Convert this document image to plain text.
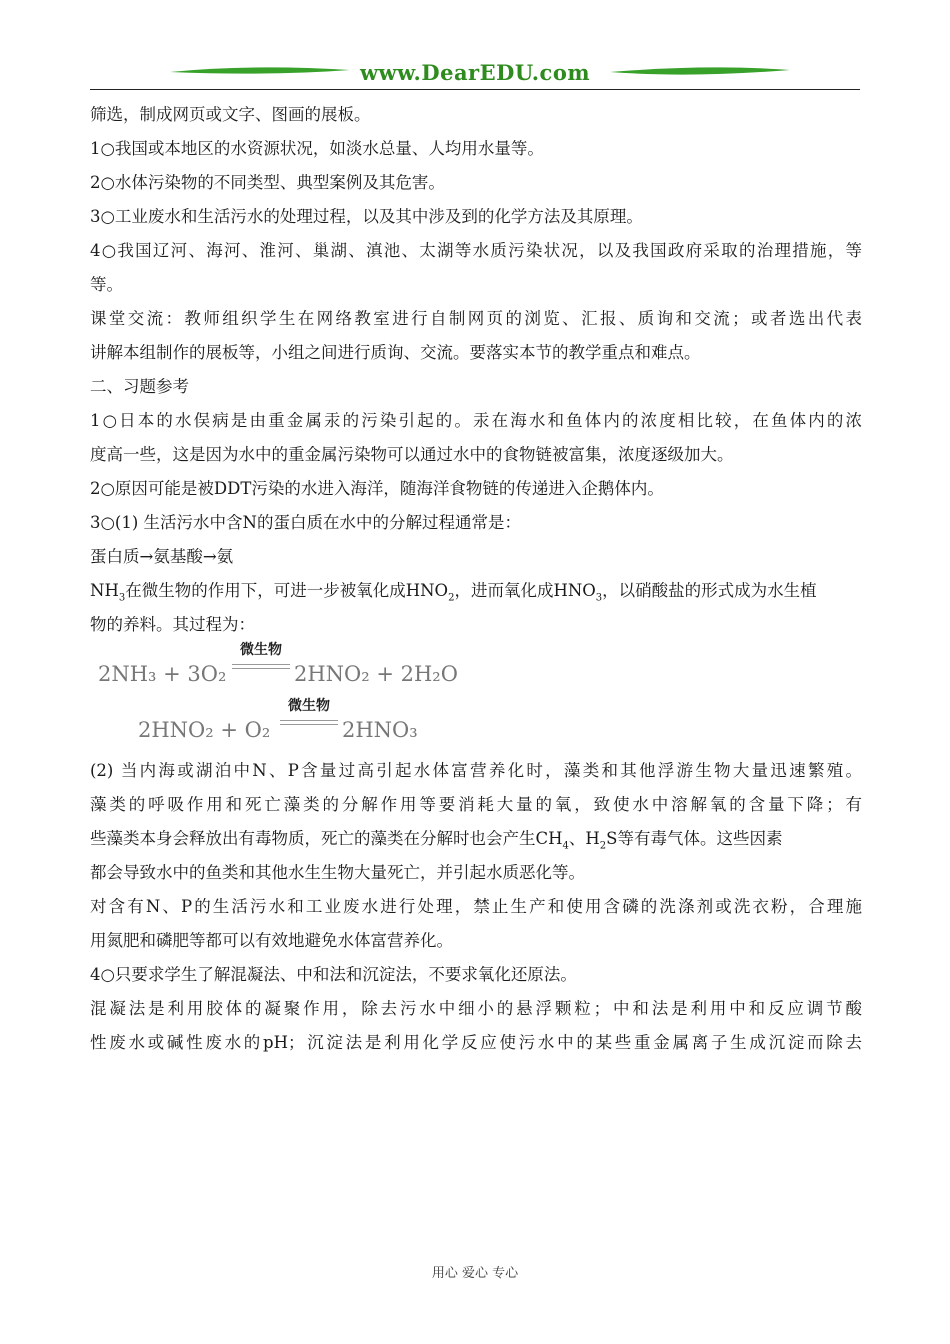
www.DearEDU.com
筛选，制成网页或文字、图画的展板。
1○我国或本地区的水资源状况，如淡水总量、人均用水量等。
2○水体污染物的不同类型、典型案例及其危害。
3○工业废水和生活污水的处理过程，以及其中涉及到的化学方法及其原理。
4○我国辽河、海河、淮河、巢湖、滇池、太湖等水质污染状况，以及我国政府采取的治理措施，等
等。
课堂交流：教师组织学生在网络教室进行自制网页的浏览、汇报、质询和交流；或者选出代表
讲解本组制作的展板等，小组之间进行质询、交流。要落实本节的教学重点和难点。
二、习题参考
1○日本的水俣病是由重金属汞的污染引起的。汞在海水和鱼体内的浓度相比较，在鱼体内的浓
度高一些，这是因为水中的重金属污染物可以通过水中的食物链被富集，浓度逐级加大。
2○原因可能是被DDT污染的水进入海洋，随海洋食物链的传递进入企鹅体内。
3○(1) 生活污水中含N的蛋白质在水中的分解过程通常是：
蛋白质→氨基酸→氨
$NH_3$在微生物的作用下，可进一步被氧化成$HNO_2$，进而氧化成$HNO_3$，以硝酸盐的形式成为水生植
物的养料。其过程为：
2NH₃ + 3O₂
微生物
2HNO₂ + 2H₂O
2HNO₂ + O₂
微生物
2HNO₃
(2) 当内海或湖泊中N、P含量过高引起水体富营养化时，藻类和其他浮游生物大量迅速繁殖。
藻类的呼吸作用和死亡藻类的分解作用等要消耗大量的氧，致使水中溶解氧的含量下降；有
些藻类本身会释放出有毒物质，死亡的藻类在分解时也会产生$CH_4$、$H_2S$等有毒气体。这些因素
都会导致水中的鱼类和其他水生生物大量死亡，并引起水质恶化等。
对含有N、P的生活污水和工业废水进行处理，禁止生产和使用含磷的洗涤剂或洗衣粉，合理施
用氮肥和磷肥等都可以有效地避免水体富营养化。
4○只要求学生了解混凝法、中和法和沉淀法，不要求氧化还原法。
混凝法是利用胶体的凝聚作用，除去污水中细小的悬浮颗粒；中和法是利用中和反应调节酸
性废水或碱性废水的pH；沉淀法是利用化学反应使污水中的某些重金属离子生成沉淀而除去
用心 爱心 专心
